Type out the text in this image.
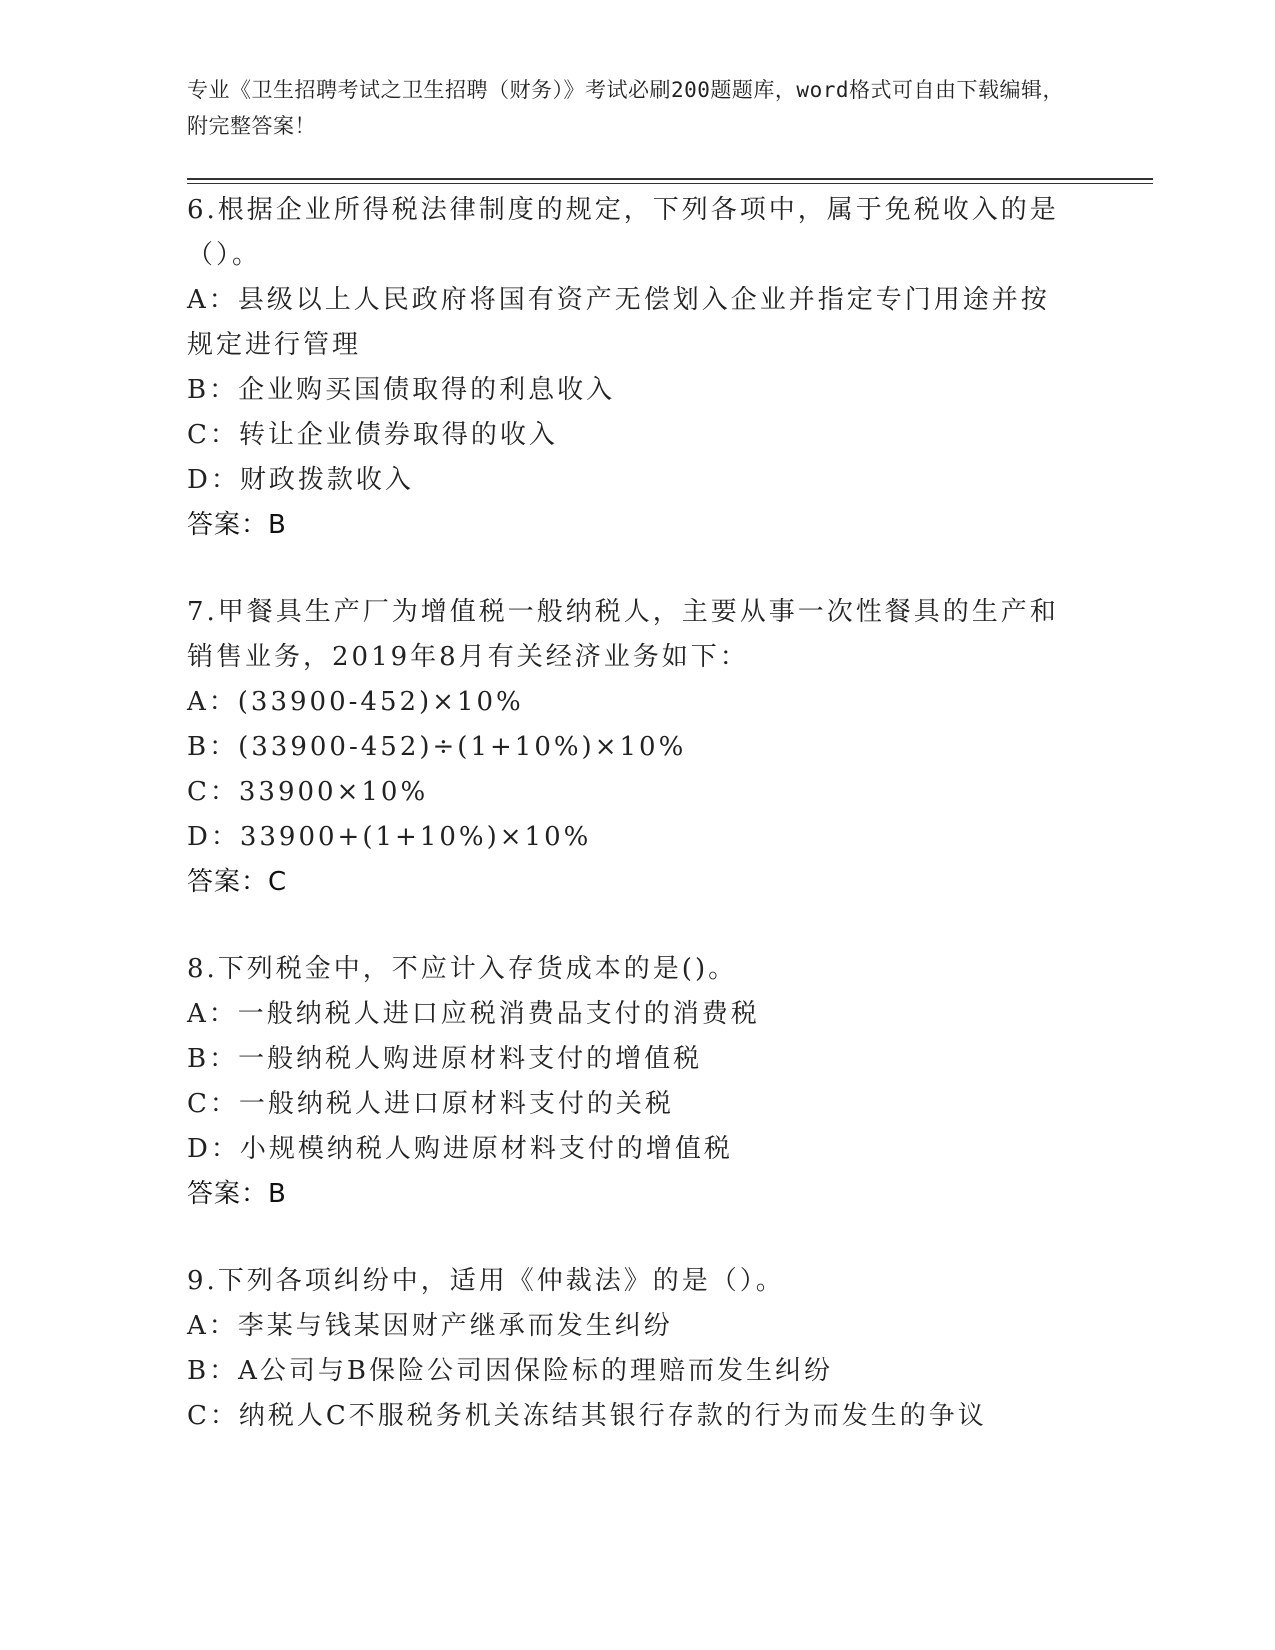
专业《卫生招聘考试之卫生招聘（财务）》考试必刷200题题库，word格式可自由下载编辑，附完整答案！
6.根据企业所得税法律制度的规定，下列各项中，属于免税收入的是（）。
A：县级以上人民政府将国有资产无偿划入企业并指定专门用途并按规定进行管理
B：企业购买国债取得的利息收入
C：转让企业债券取得的收入
D：财政拨款收入
答案：B
7.甲餐具生产厂为增值税一般纳税人，主要从事一次性餐具的生产和销售业务，2019年8月有关经济业务如下：
A：(33900-452)×10%
B：(33900-452)÷(1+10%)×10%
C：33900×10%
D：33900+(1+10%)×10%
答案：C
8.下列税金中，不应计入存货成本的是()。
A：一般纳税人进口应税消费品支付的消费税
B：一般纳税人购进原材料支付的增值税
C：一般纳税人进口原材料支付的关税
D：小规模纳税人购进原材料支付的增值税
答案：B
9.下列各项纠纷中，适用《仲裁法》的是（）。
A：李某与钱某因财产继承而发生纠纷
B：A公司与B保险公司因保险标的理赔而发生纠纷
C：纳税人C不服税务机关冻结其银行存款的行为而发生的争议
